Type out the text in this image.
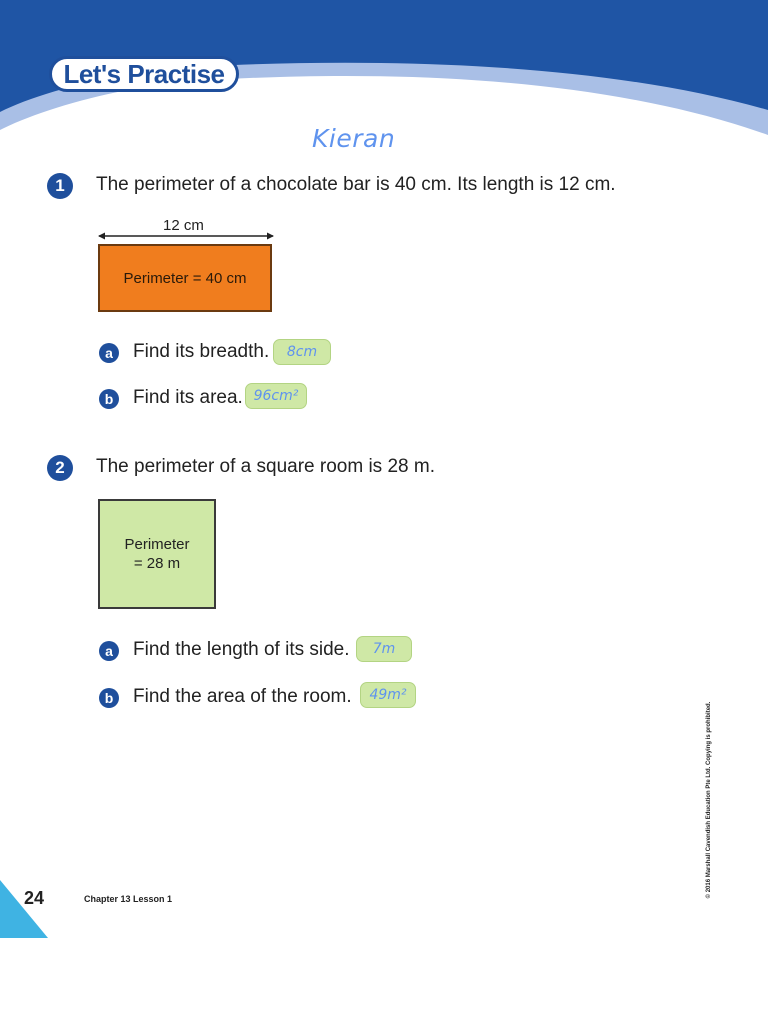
Let's Practise
Kieran
1	The perimeter of a chocolate bar is 40 cm. Its length is 12 cm.
12 cm
Perimeter = 40 cm
a	Find its breadth.	8cm
b	Find its area. 96cm²
2	The perimeter of a square room is 28 m.
Perimeter
= 28 m
a	Find the length of its side.	7m
b	Find the area of the room.	49m²
24	Chapter 13 Lesson 1
© 2016 Marshall Cavendish Education Pte Ltd. Copying is prohibited.
